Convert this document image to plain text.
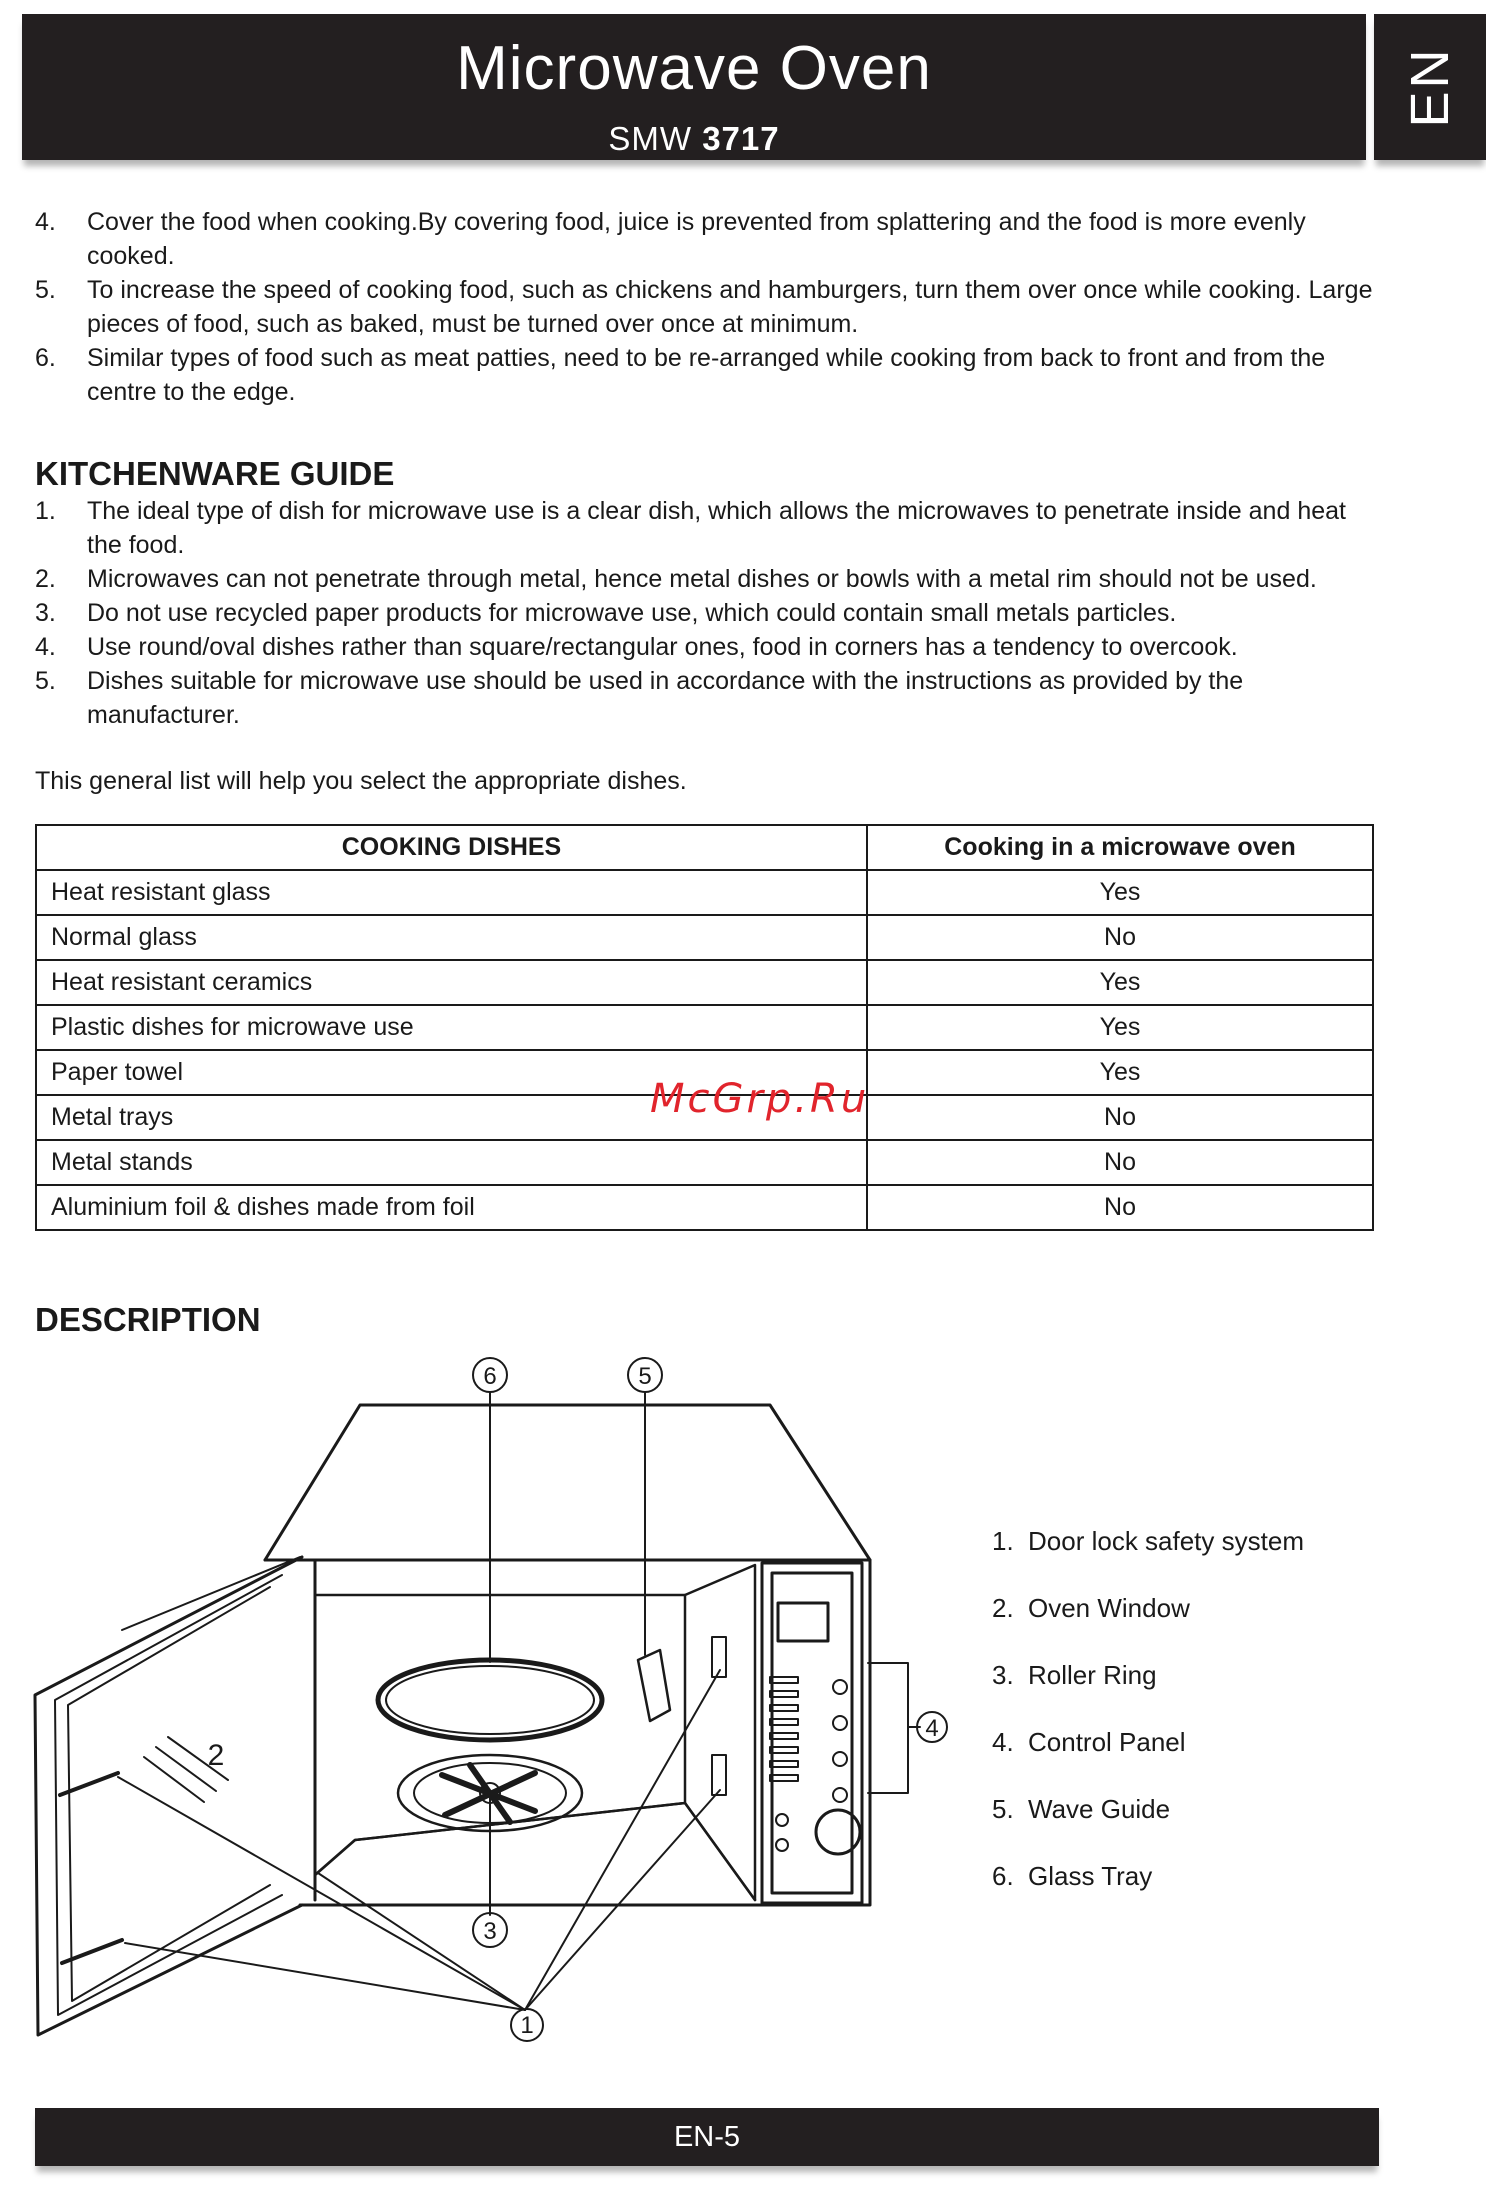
Microwave Oven
SMW 3717
EN
4. Cover the food when cooking.By covering food, juice is prevented from splattering and the food is more evenly cooked.
5. To increase the speed of cooking food, such as chickens and hamburgers, turn them over once while cooking. Large pieces of food, such as baked, must be turned over once at minimum.
6. Similar types of food such as meat patties, need to be re-arranged while cooking from back to front and from the centre to the edge.
KITCHENWARE GUIDE
1. The ideal type of dish for microwave use is a clear dish, which allows the microwaves to penetrate inside and heat the food.
2. Microwaves can not penetrate through metal, hence metal dishes or bowls with a metal rim should not be used.
3. Do not use recycled paper products for microwave use, which could contain small metals particles.
4. Use round/oval dishes rather than square/rectangular ones, food in corners has a tendency to overcook.
5. Dishes suitable for microwave use should be used in accordance with the instructions as provided by the manufacturer.
This general list will help you select the appropriate dishes.
COOKING DISHES	Cooking in a microwave oven
Heat resistant glass	Yes
Normal glass	No
Heat resistant ceramics	Yes
Plastic dishes for microwave use	Yes
Paper towel	Yes
Metal trays	No
Metal stands	No
Aluminium foil & dishes made from foil	No
McGrp.Ru
DESCRIPTION
1
2
3
4
5
6
1. Door lock safety system
2. Oven Window
3. Roller Ring
4. Control Panel
5. Wave Guide
6. Glass Tray
EN-5
